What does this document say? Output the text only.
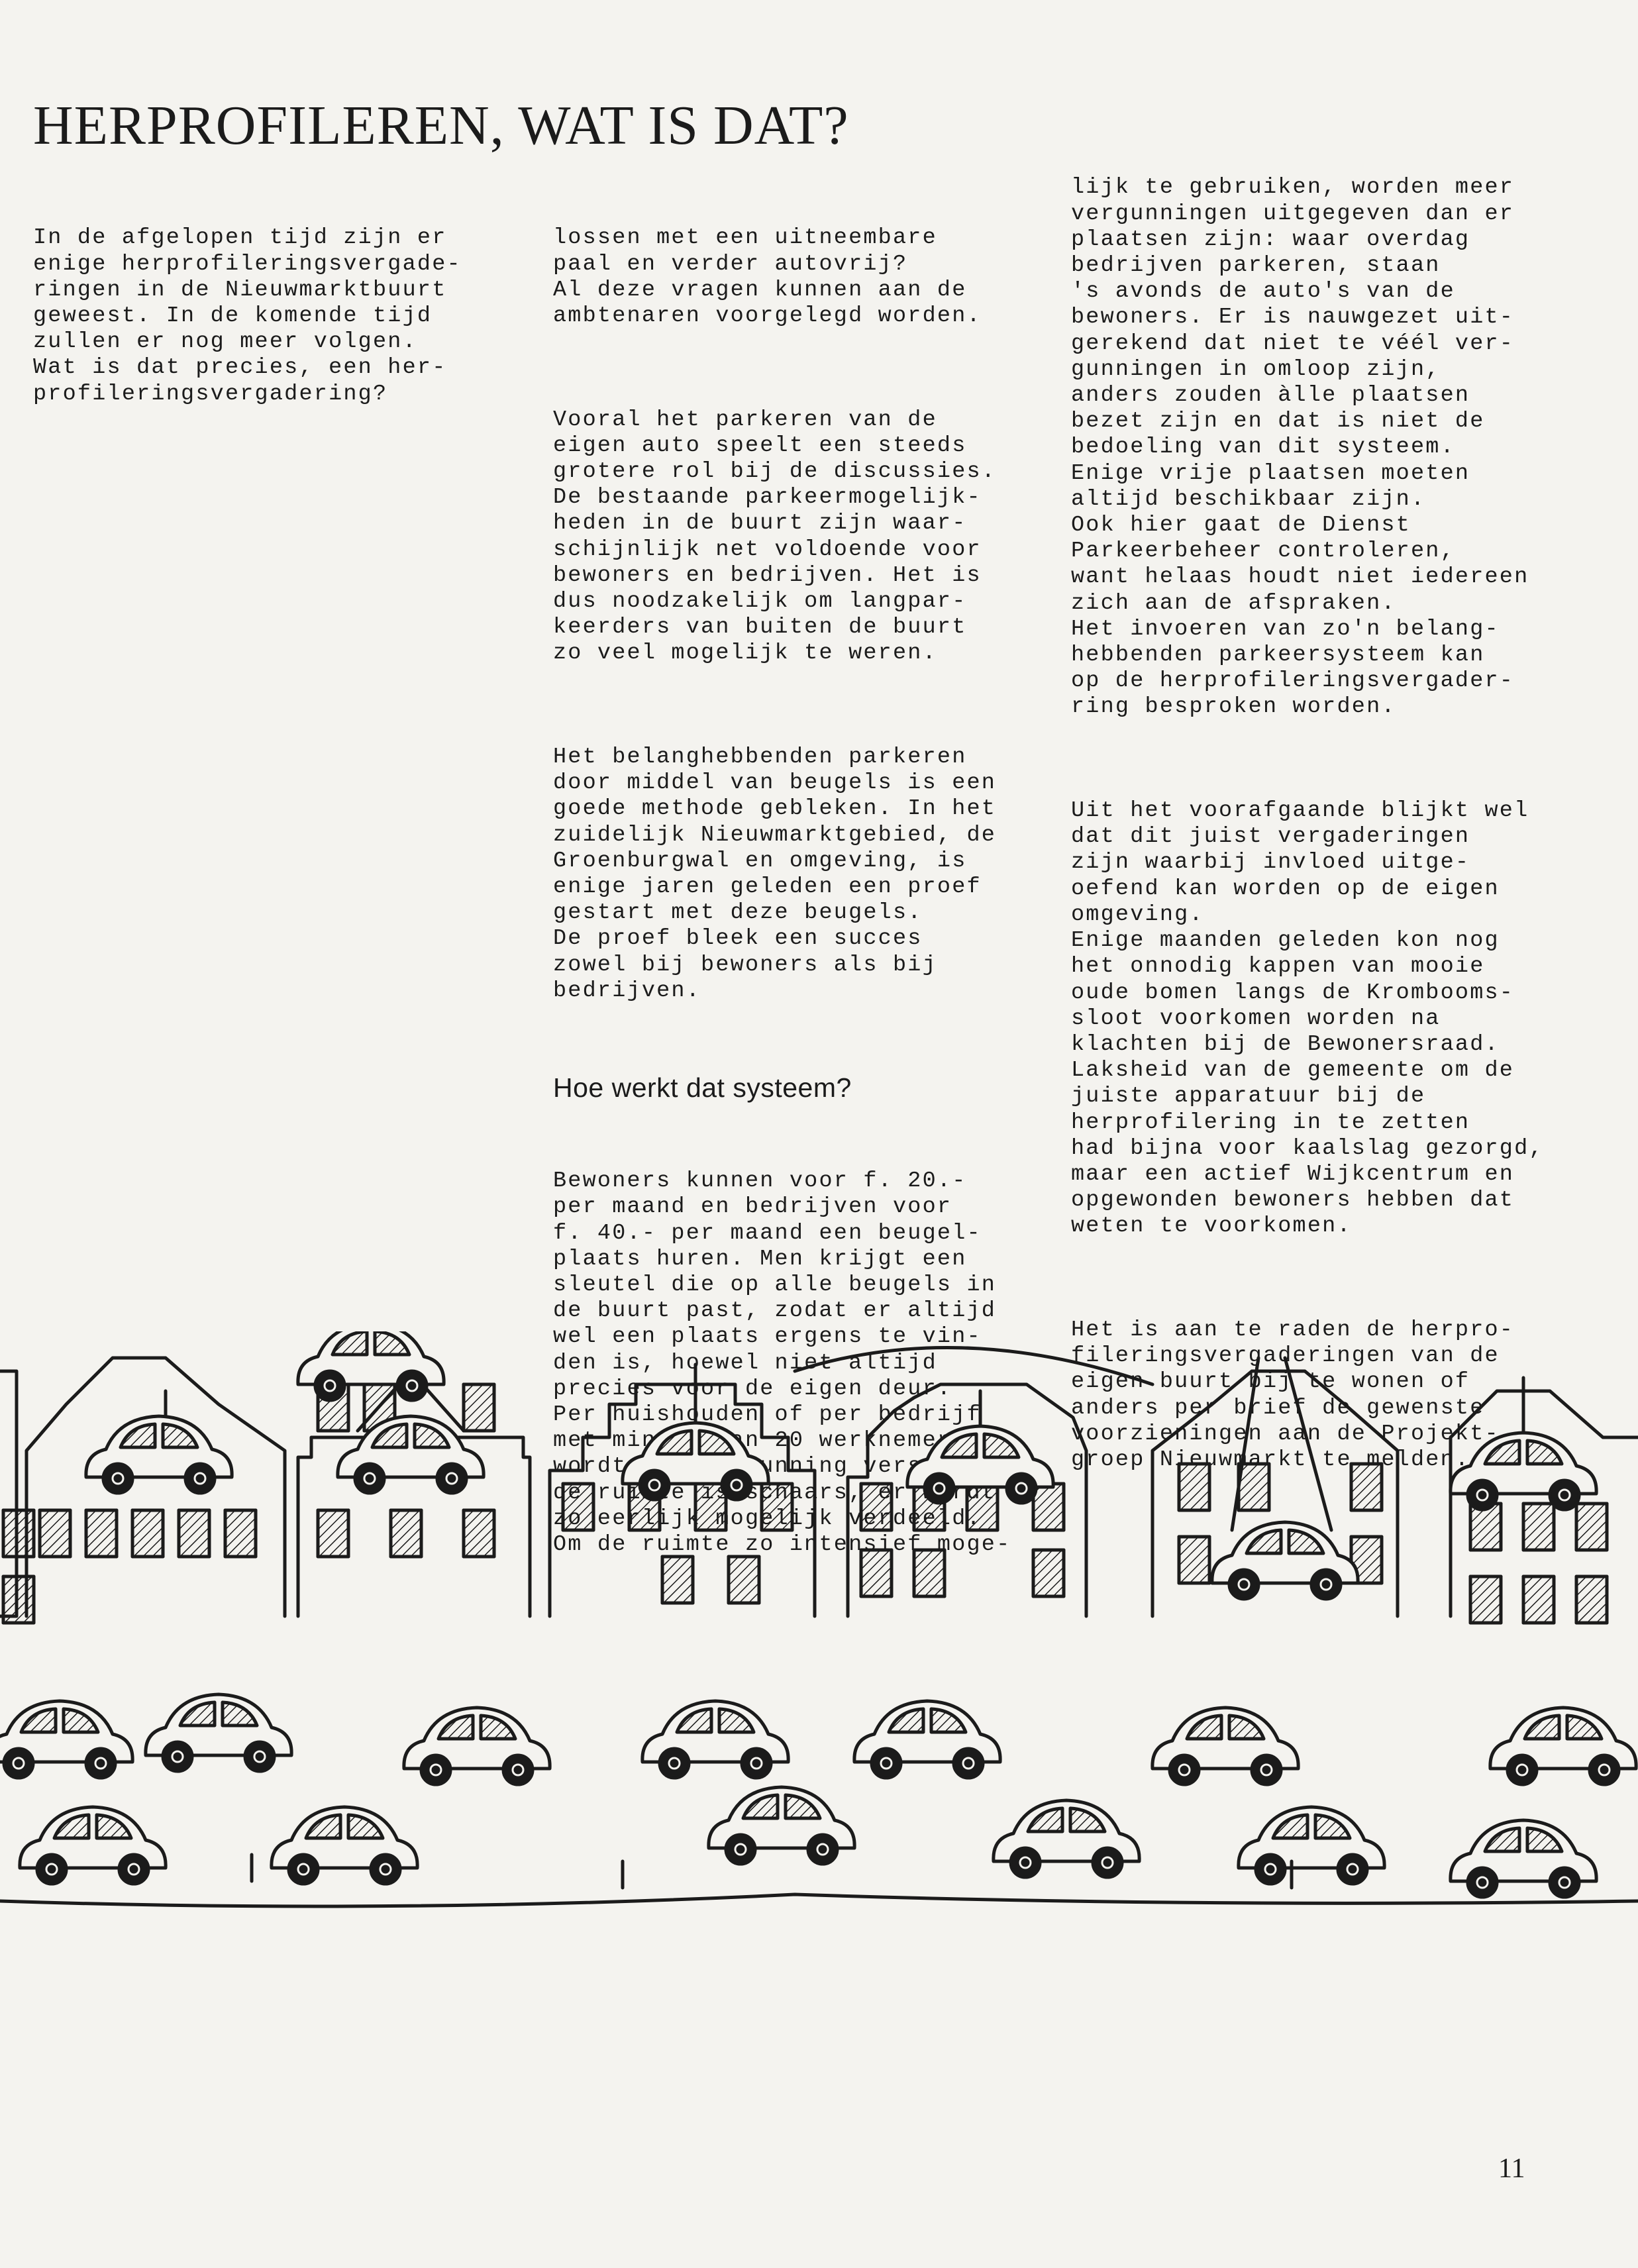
HERPROFILEREN, WAT IS DAT?

In de afgelopen tijd zijn er
enige herprofileringsvergade-
ringen in de Nieuwmarktbuurt
geweest. In de komende tijd
zullen er nog meer volgen.
Wat is dat precies, een her-
profileringsvergadering?

lossen met een uitneembare
paal en verder autovrij?
Al deze vragen kunnen aan de
ambtenaren voorgelegd worden.

Vooral het parkeren van de
eigen auto speelt een steeds
grotere rol bij de discussies.
De bestaande parkeermogelijk-
heden in de buurt zijn waar-
schijnlijk net voldoende voor
bewoners en bedrijven. Het is
dus noodzakelijk om langpar-
keerders van buiten de buurt
zo veel mogelijk te weren.

Het belanghebbenden parkeren
door middel van beugels is een
goede methode gebleken. In het
zuidelijk Nieuwmarktgebied, de
Groenburgwal en omgeving, is
enige jaren geleden een proef
gestart met deze beugels.
De proef bleek een succes
zowel bij bewoners als bij
bedrijven.

Hoe werkt dat systeem?

Bewoners kunnen voor f. 20.-
per maand en bedrijven voor
f. 40.- per maand een beugel-
plaats huren. Men krijgt een
sleutel die op alle beugels in
de buurt past, zodat er altijd
wel een plaats ergens te vin-
den is, hoewel niet altijd
precies voor de eigen deur.
Per huishouden of per bedrijf
met minder dan 20 werknemers
wordt één vergunning verstrekt:
de ruimte is schaars, er wordt
zo eerlijk mogelijk verdeeld.
Om de ruimte zo intensief moge-

lijk te gebruiken, worden meer
vergunningen uitgegeven dan er
plaatsen zijn: waar overdag
bedrijven parkeren, staan
's avonds de auto's van de
bewoners. Er is nauwgezet uit-
gerekend dat niet te véél ver-
gunningen in omloop zijn,
anders zouden àlle plaatsen
bezet zijn en dat is niet de
bedoeling van dit systeem.
Enige vrije plaatsen moeten
altijd beschikbaar zijn.
Ook hier gaat de Dienst
Parkeerbeheer controleren,
want helaas houdt niet iedereen
zich aan de afspraken.
Het invoeren van zo'n belang-
hebbenden parkeersysteem kan
op de herprofileringsvergader-
ring besproken worden.

Uit het voorafgaande blijkt wel
dat dit juist vergaderingen
zijn waarbij invloed uitge-
oefend kan worden op de eigen
omgeving.
Enige maanden geleden kon nog
het onnodig kappen van mooie
oude bomen langs de Krombooms-
sloot voorkomen worden na
klachten bij de Bewonersraad.
Laksheid van de gemeente om de
juiste apparatuur bij de
herprofilering in te zetten
had bijna voor kaalslag gezorgd,
maar een actief Wijkcentrum en
opgewonden bewoners hebben dat
weten te voorkomen.

Het is aan te raden de herpro-
fileringsvergaderingen van de
eigen buurt bij te wonen of
anders per brief de gewenste
voorzieningen aan de Projekt-
groep Nieuwmarkt te melden.

11
